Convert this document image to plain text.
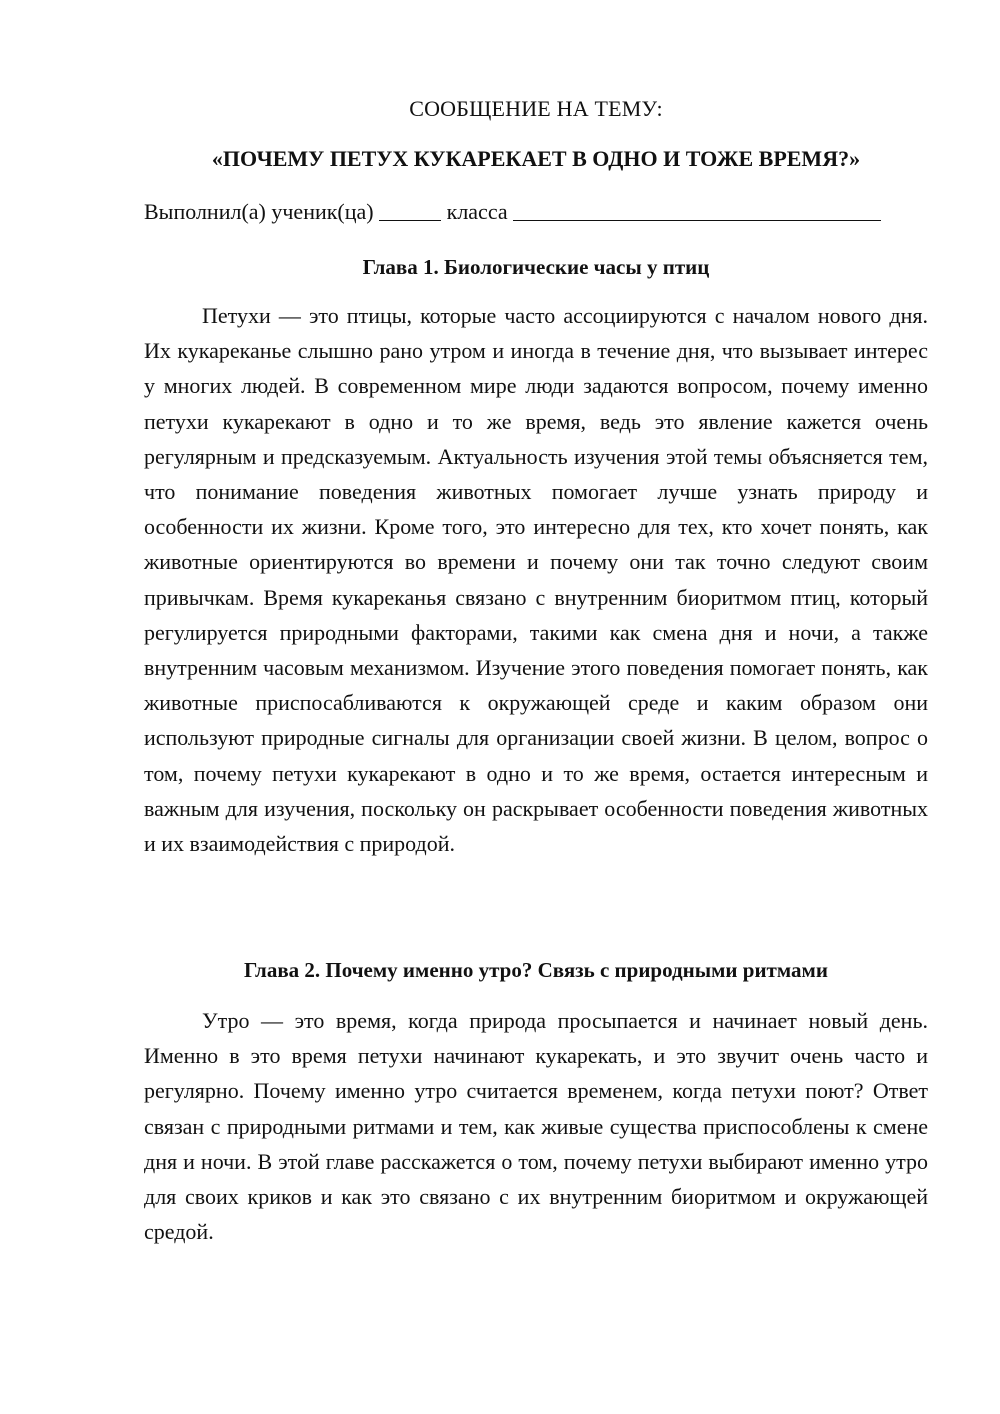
СООБЩЕНИЕ НА ТЕМУ:
«ПОЧЕМУ ПЕТУХ КУКАРЕКАЕТ В ОДНО И ТОЖЕ ВРЕМЯ?»
Выполнил(а) ученик(ца)	класса
Глава 1. Биологические часы у птиц

Петухи — это птицы, которые часто ассоциируются с началом нового дня. Их кукареканье слышно рано утром и иногда в течение дня, что вызывает интерес у многих людей. В современном мире люди задаются вопросом, почему именно петухи кукарекают в одно и то же время, ведь это явление кажется очень регулярным и предсказуемым. Актуальность изучения этой темы объясняется тем, что понимание поведения животных помогает лучше узнать природу и особенности их жизни. Кроме того, это интересно для тех, кто хочет понять, как животные ориентируются во времени и почему они так точно следуют своим привычкам. Время кукареканья связано с внутренним биоритмом птиц, который регулируется природными факторами, такими как смена дня и ночи, а также внутренним часовым механизмом. Изучение этого поведения помогает понять, как животные приспосабливаются к окружающей среде и каким образом они используют природные сигналы для организации своей жизни. В целом, вопрос о том, почему петухи кукарекают в одно и то же время, остается интересным и важным для изучения, поскольку он раскрывает особенности поведения животных и их взаимодействия с природой.

Глава 2. Почему именно утро? Связь с природными ритмами

Утро — это время, когда природа просыпается и начинает новый день. Именно в это время петухи начинают кукарекать, и это звучит очень часто и регулярно. Почему именно утро считается временем, когда петухи поют? Ответ связан с природными ритмами и тем, как живые существа приспособлены к смене дня и ночи. В этой главе расскажется о том, почему петухи выбирают именно утро для своих криков и как это связано с их внутренним биоритмом и окружающей средой.
